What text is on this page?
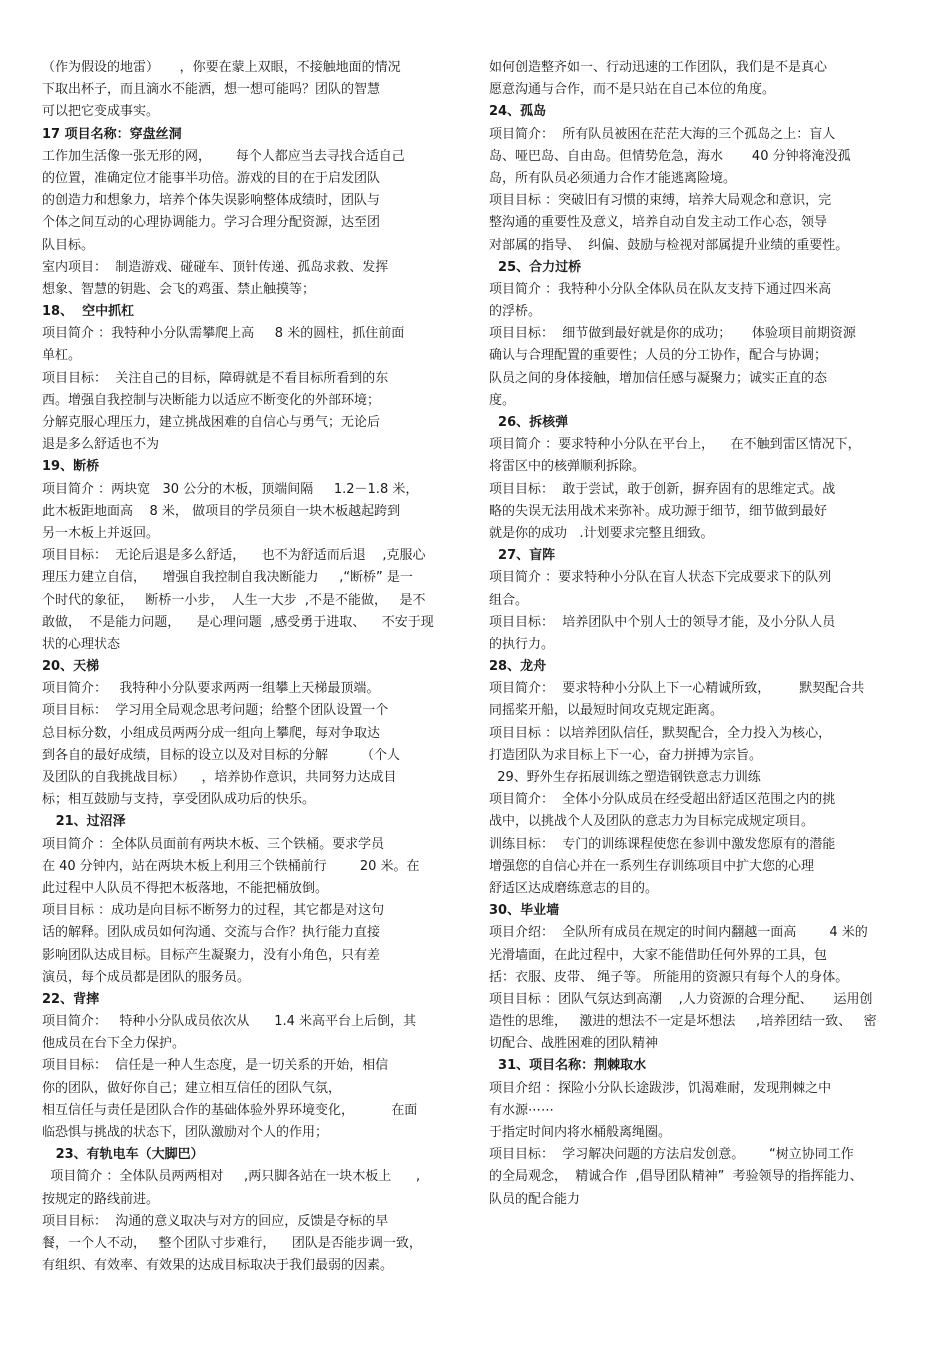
（作为假设的地雷）     ，你要在蒙上双眼，不接触地面的情况
下取出杯子，而且滴水不能洒，想一想可能吗？团队的智慧
可以把它变成事实。
17 项目名称：穿盘丝洞
工作加生活像一张无形的网，      每个人都应当去寻找合适自己
的位置，准确定位才能事半功倍。游戏的目的在于启发团队
的创造力和想象力，培养个体失误影响整体成绩时，团队与
个体之间互动的心理协调能力。学习合理分配资源，达至团
队目标。
室内项目：  制造游戏、碰碰车、顶针传递、孤岛求救、发挥
想象、智慧的钥匙、会飞的鸡蛋、禁止触摸等；
18、  空中抓杠
项目简介 ：我特种小分队需攀爬上高     8 米的圆柱，抓住前面
单杠。
项目目标：  关注自己的目标，障碍就是不看目标所看到的东
西。增强自我控制与决断能力以适应不断变化的外部环境；
分解克服心理压力，建立挑战困难的自信心与勇气；无论后
退是多么舒适也不为
19、断桥
项目简介 ：两块宽   30 公分的木板，顶端间隔     1.2－1.8 米，
此木板距地面高    8 米， 做项目的学员须自一块木板越起跨到
另一木板上并返回。
项目目标：  无论后退是多么舒适，    也不为舒适而后退    ,克服心
理压力建立自信，    增强自我控制自我决断能力     ,“断桥” 是一
个时代的象征，   断桥一小步，  人生一大步  ,不是不能做，   是不
敢做，  不是能力问题，    是心理问题  ,感受勇于进取、    不安于现
状的心理状态
20、天梯
项目简介：   我特种小分队要求两两一组攀上天梯最顶端。
项目目标：  学习用全局观念思考问题；给整个团队设置一个
总目标分数，小组成员两两分成一组向上攀爬，每对争取达
到各自的最好成绩，目标的设立以及对目标的分解        （个人
及团队的自我挑战目标）    ，培养协作意识，共同努力达成目
标；相互鼓励与支持，享受团队成功后的快乐。
21、过沼泽
项目简介 ：全体队员面前有两块木板、三个铁桶。要求学员
在 40 分钟内，站在两块木板上利用三个铁桶前行        20 米。在
此过程中人队员不得把木板落地，不能把桶放倒。
项目目标 ：成功是向目标不断努力的过程，其它都是对这句
话的解释。团队成员如何沟通、交流与合作？执行能力直接
影响团队达成目标。目标产生凝聚力，没有小角色，只有差
演员，每个成员都是团队的服务员。
22、背摔
项目简介：   特种小分队成员依次从      1.4 米高平台上后倒，其
他成员在台下全力保护。
项目目标：  信任是一种人生态度，是一切关系的开始，相信
你的团队，做好你自己；建立相互信任的团队气氛，
相互信任与责任是团队合作的基础体验外界环境变化，         在面
临恐惧与挑战的状态下，团队激励对个人的作用；
23、有轨电车（大脚巴）
项目简介 ：全体队员两两相对     ,两只脚各站在一块木板上      ,
按规定的路线前进。
项目目标：  沟通的意义取决与对方的回应，反馈是夺标的早
餐，一个人不动，   整个团队寸步难行，    团队是否能步调一致，
有组织、有效率、有效果的达成目标取决于我们最弱的因素。
如何创造整齐如一、行动迅速的工作团队，我们是不是真心
愿意沟通与合作，而不是只站在自己本位的角度。
24、孤岛
项目简介：  所有队员被困在茫茫大海的三个孤岛之上：盲人
岛、哑巴岛、自由岛。但情势危急，海水       40 分钟将淹没孤
岛，所有队员必须通力合作才能逃离险境。
项目目标 ：突破旧有习惯的束缚，培养大局观念和意识，完
整沟通的重要性及意义，培养自动自发主动工作心态，领导
对部属的指导、  纠偏、鼓励与检视对部属提升业绩的重要性。
25、合力过桥
项目简介 ：我特种小分队全体队员在队友支持下通过四米高
的浮桥。
项目目标：  细节做到最好就是你的成功；     体验项目前期资源
确认与合理配置的重要性；人员的分工协作，配合与协调；
队员之间的身体接触，增加信任感与凝聚力；诚实正直的态
度。
26、拆核弹
项目简介 ：要求特种小分队在平台上，    在不触到雷区情况下，
将雷区中的核弹顺利拆除。
项目目标：  敢于尝试，敢于创新，摒弃固有的思维定式。战
略的失误无法用战术来弥补。成功源于细节，细节做到最好
就是你的成功   .计划要求完整且细致。
27、盲阵
项目简介 ：要求特种小分队在盲人状态下完成要求下的队列
组合。
项目目标：  培养团队中个别人士的领导才能，及小分队人员
的执行力。
28、龙舟
项目简介：  要求特种小分队上下一心精诚所致，       默契配合共
同摇桨开船，以最短时间攻克规定距离。
项目目标 ：以培养团队信任，默契配合，全力投入为核心，
打造团队为求目标上下一心，奋力拼搏为宗旨。
29、野外生存拓展训练之塑造钢铁意志力训练
项目简介：  全体小分队成员在经受超出舒适区范围之内的挑
战中，以挑战个人及团队的意志力为目标完成规定项目。
训练目标：  专门的训练课程使您在参训中激发您原有的潜能
增强您的自信心并在一系列生存训练项目中扩大您的心理
舒适区达成磨练意志的目的。
30、毕业墙
项目介绍：  全队所有成员在规定的时间内翻越一面高        4 米的
光滑墙面，在此过程中，大家不能借助任何外界的工具，包
括：衣服、皮带、 绳子等。 所能用的资源只有每个人的身体。
项目目标 ：团队气氛达到高潮    ,人力资源的合理分配、     运用创
造性的思维，   激进的想法不一定是坏想法     ,培养团结一致、   密
切配合、战胜困难的团队精神
31、项目名称：荆棘取水
项目介绍 ：探险小分队长途跋涉，饥渴难耐，发现荆棘之中
有水源⋯⋯
于指定时间内将水桶般离绳圈。
项目目标：  学习解决问题的方法启发创意。      “树立协同工作
的全局观念，  精诚合作  ,倡导团队精神”  考验领导的指挥能力、
队员的配合能力
